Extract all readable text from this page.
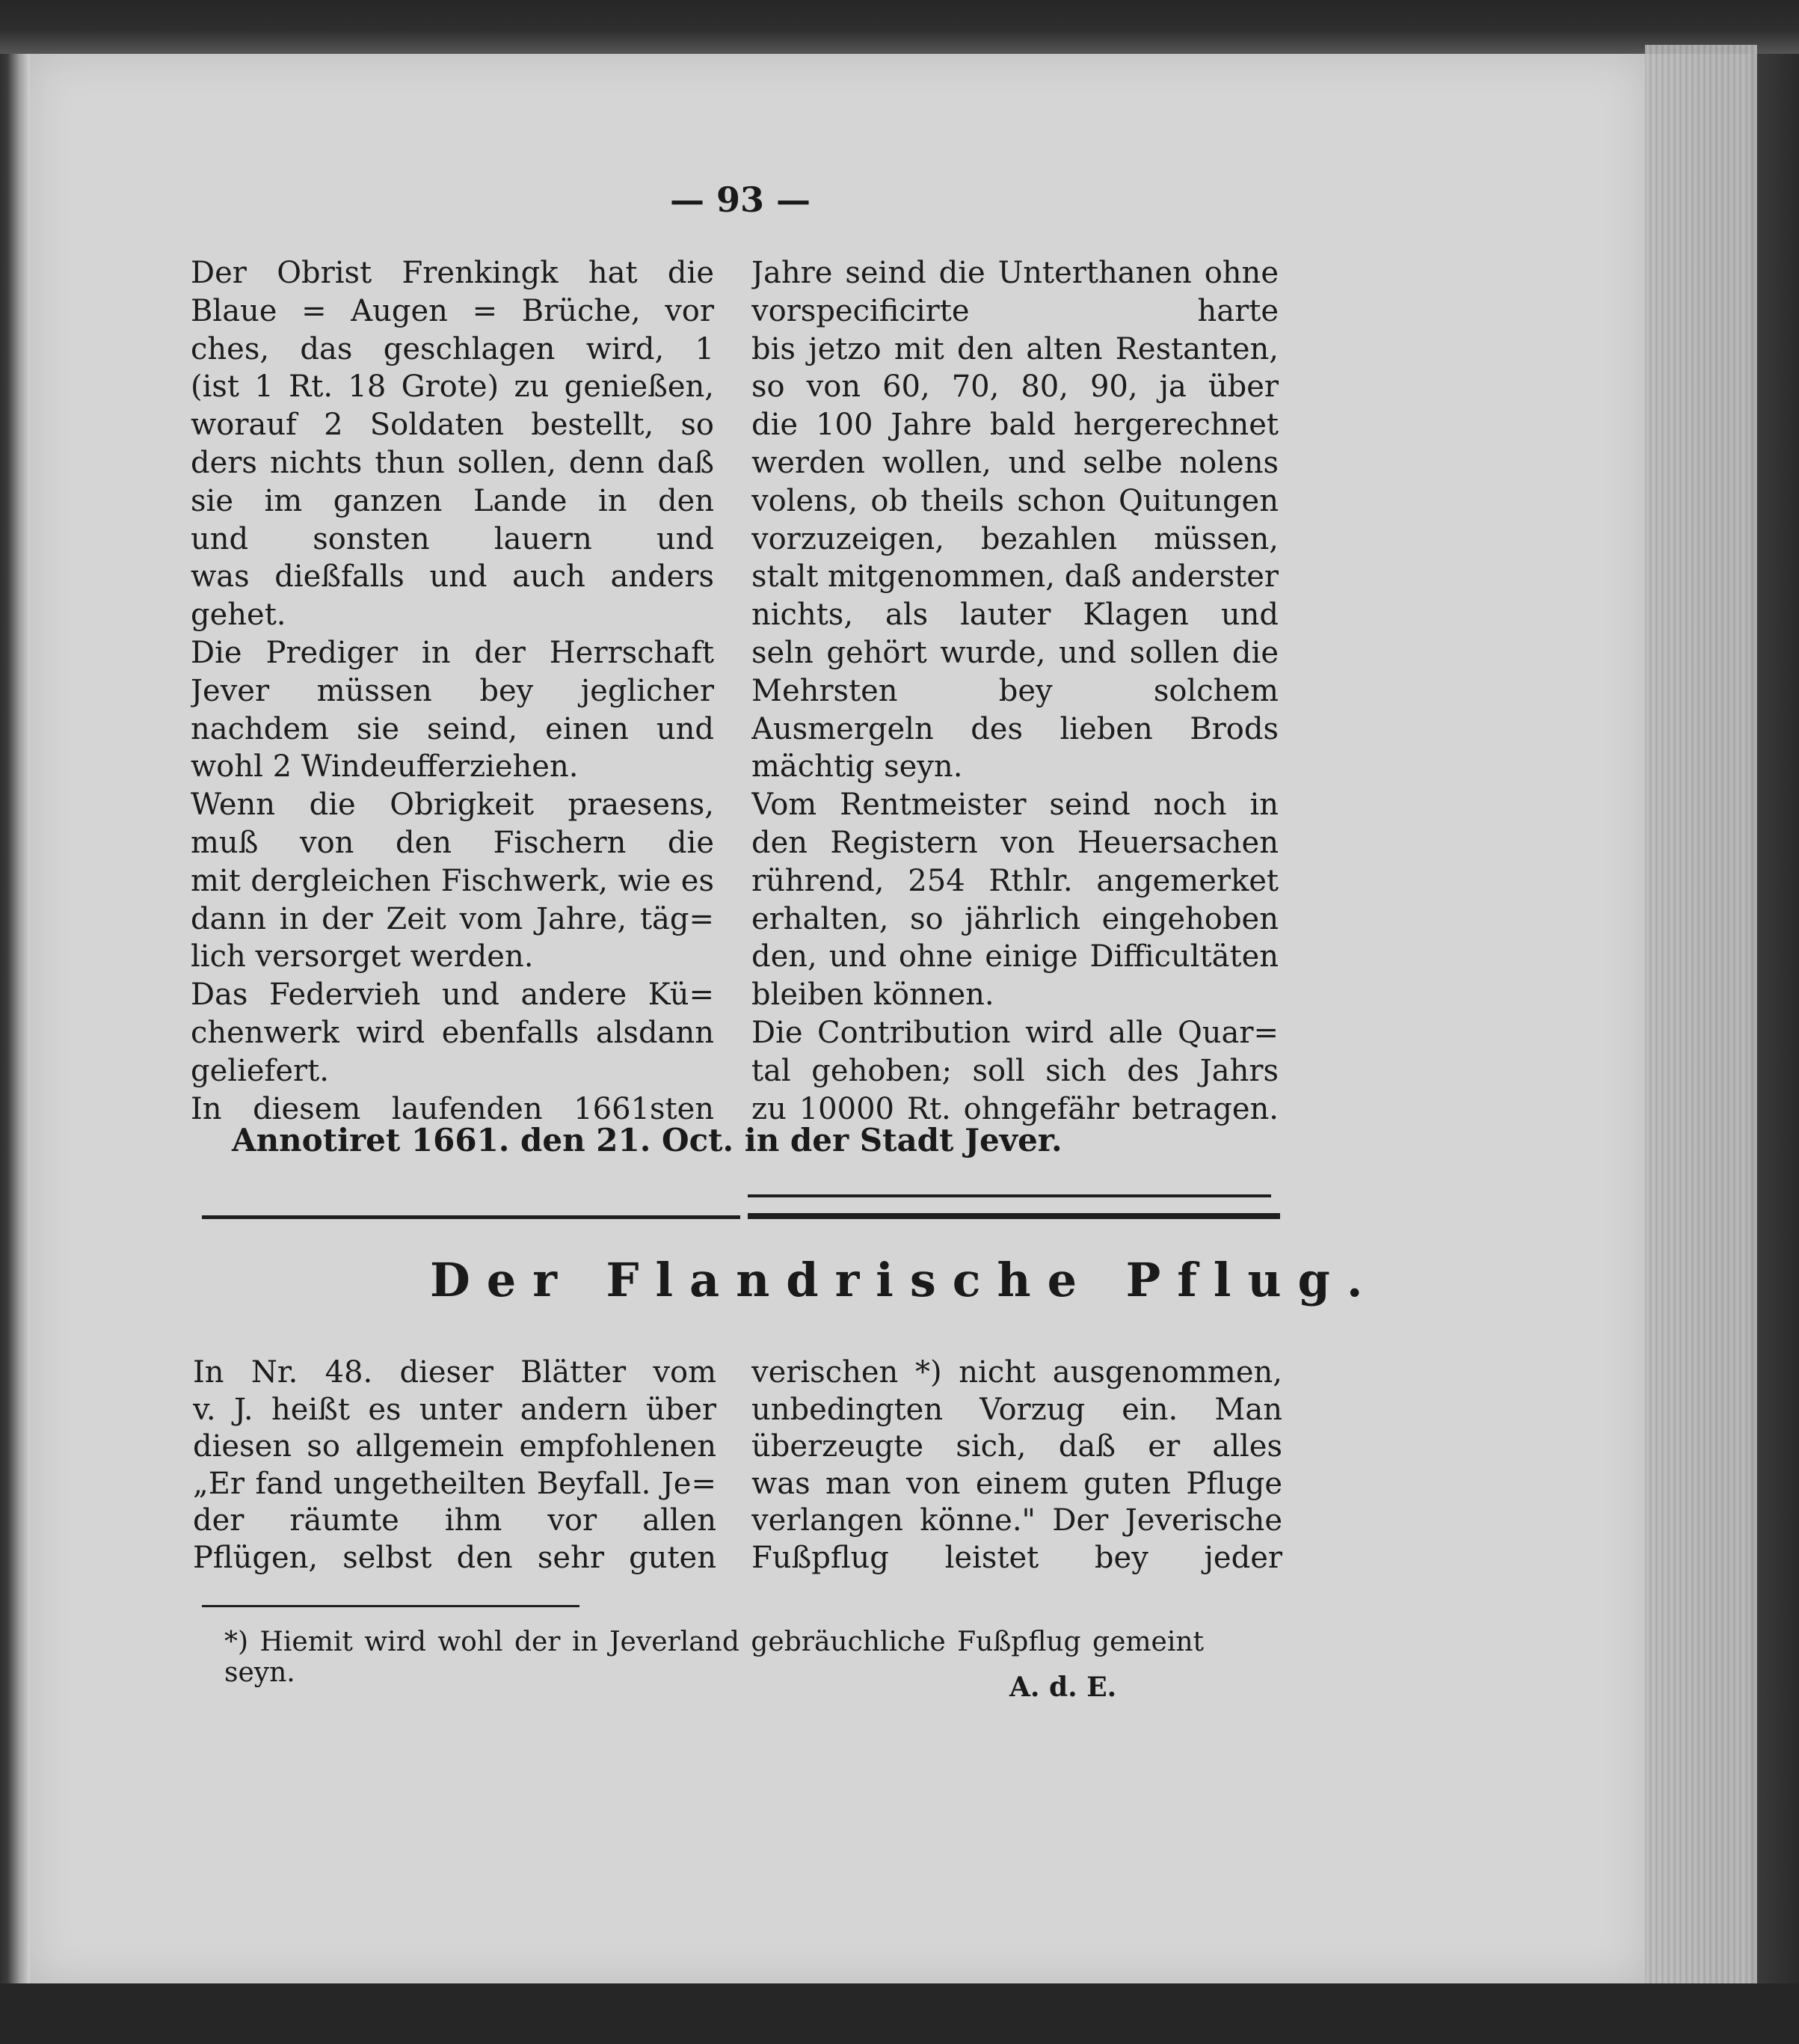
— 93 —
Der Obrist Frenkingk hat die
Blaue = Augen = Brüche, vor
ches, das geschlagen wird, 1
(ist 1 Rt. 18 Grote) zu genießen,
worauf 2 Soldaten bestellt, so
ders nichts thun sollen, denn daß
sie im ganzen Lande in den
und sonsten lauern und
was dießfalls und auch anders
gehet.
Die Prediger in der Herrschaft
Jever müssen bey jeglicher
nachdem sie seind, einen und
wohl 2 Windeufferziehen.
Wenn die Obrigkeit praesens,
muß von den Fischern die
mit dergleichen Fischwerk, wie es
dann in der Zeit vom Jahre, täg=
lich versorget werden.
Das Federvieh und andere Kü=
chenwerk wird ebenfalls alsdann
geliefert.
In diesem laufenden 1661sten
Jahre seind die Unterthanen ohne
vorspecificirte harte
bis jetzo mit den alten Restanten,
so von 60, 70, 80, 90, ja über
die 100 Jahre bald hergerechnet
werden wollen, und selbe nolens
volens, ob theils schon Quitungen
vorzuzeigen, bezahlen müssen,
stalt mitgenommen, daß anderster
nichts, als lauter Klagen und
seln gehört wurde, und sollen die
Mehrsten bey solchem
Ausmergeln des lieben Brods
mächtig seyn.
Vom Rentmeister seind noch in
den Registern von Heuersachen
rührend, 254 Rthlr. angemerket
erhalten, so jährlich eingehoben
den, und ohne einige Difficultäten
bleiben können.
Die Contribution wird alle Quar=
tal gehoben; soll sich des Jahrs
zu 10000 Rt. ohngefähr betragen.
Annotiret 1661. den 21. Oct. in der Stadt Jever.
Der Flandrische Pflug.
In Nr. 48. dieser Blätter vom
v. J. heißt es unter andern über
diesen so allgemein empfohlenen
„Er fand ungetheilten Beyfall. Je=
der räumte ihm vor allen
Pflügen, selbst den sehr guten
verischen *) nicht ausgenommen,
unbedingten Vorzug ein. Man
überzeugte sich, daß er alles
was man von einem guten Pfluge
verlangen könne." Der Jeverische
Fußpflug leistet bey jeder
*) Hiemit wird wohl der in Jeverland gebräuchliche Fußpflug gemeint seyn.	A. d. E.
